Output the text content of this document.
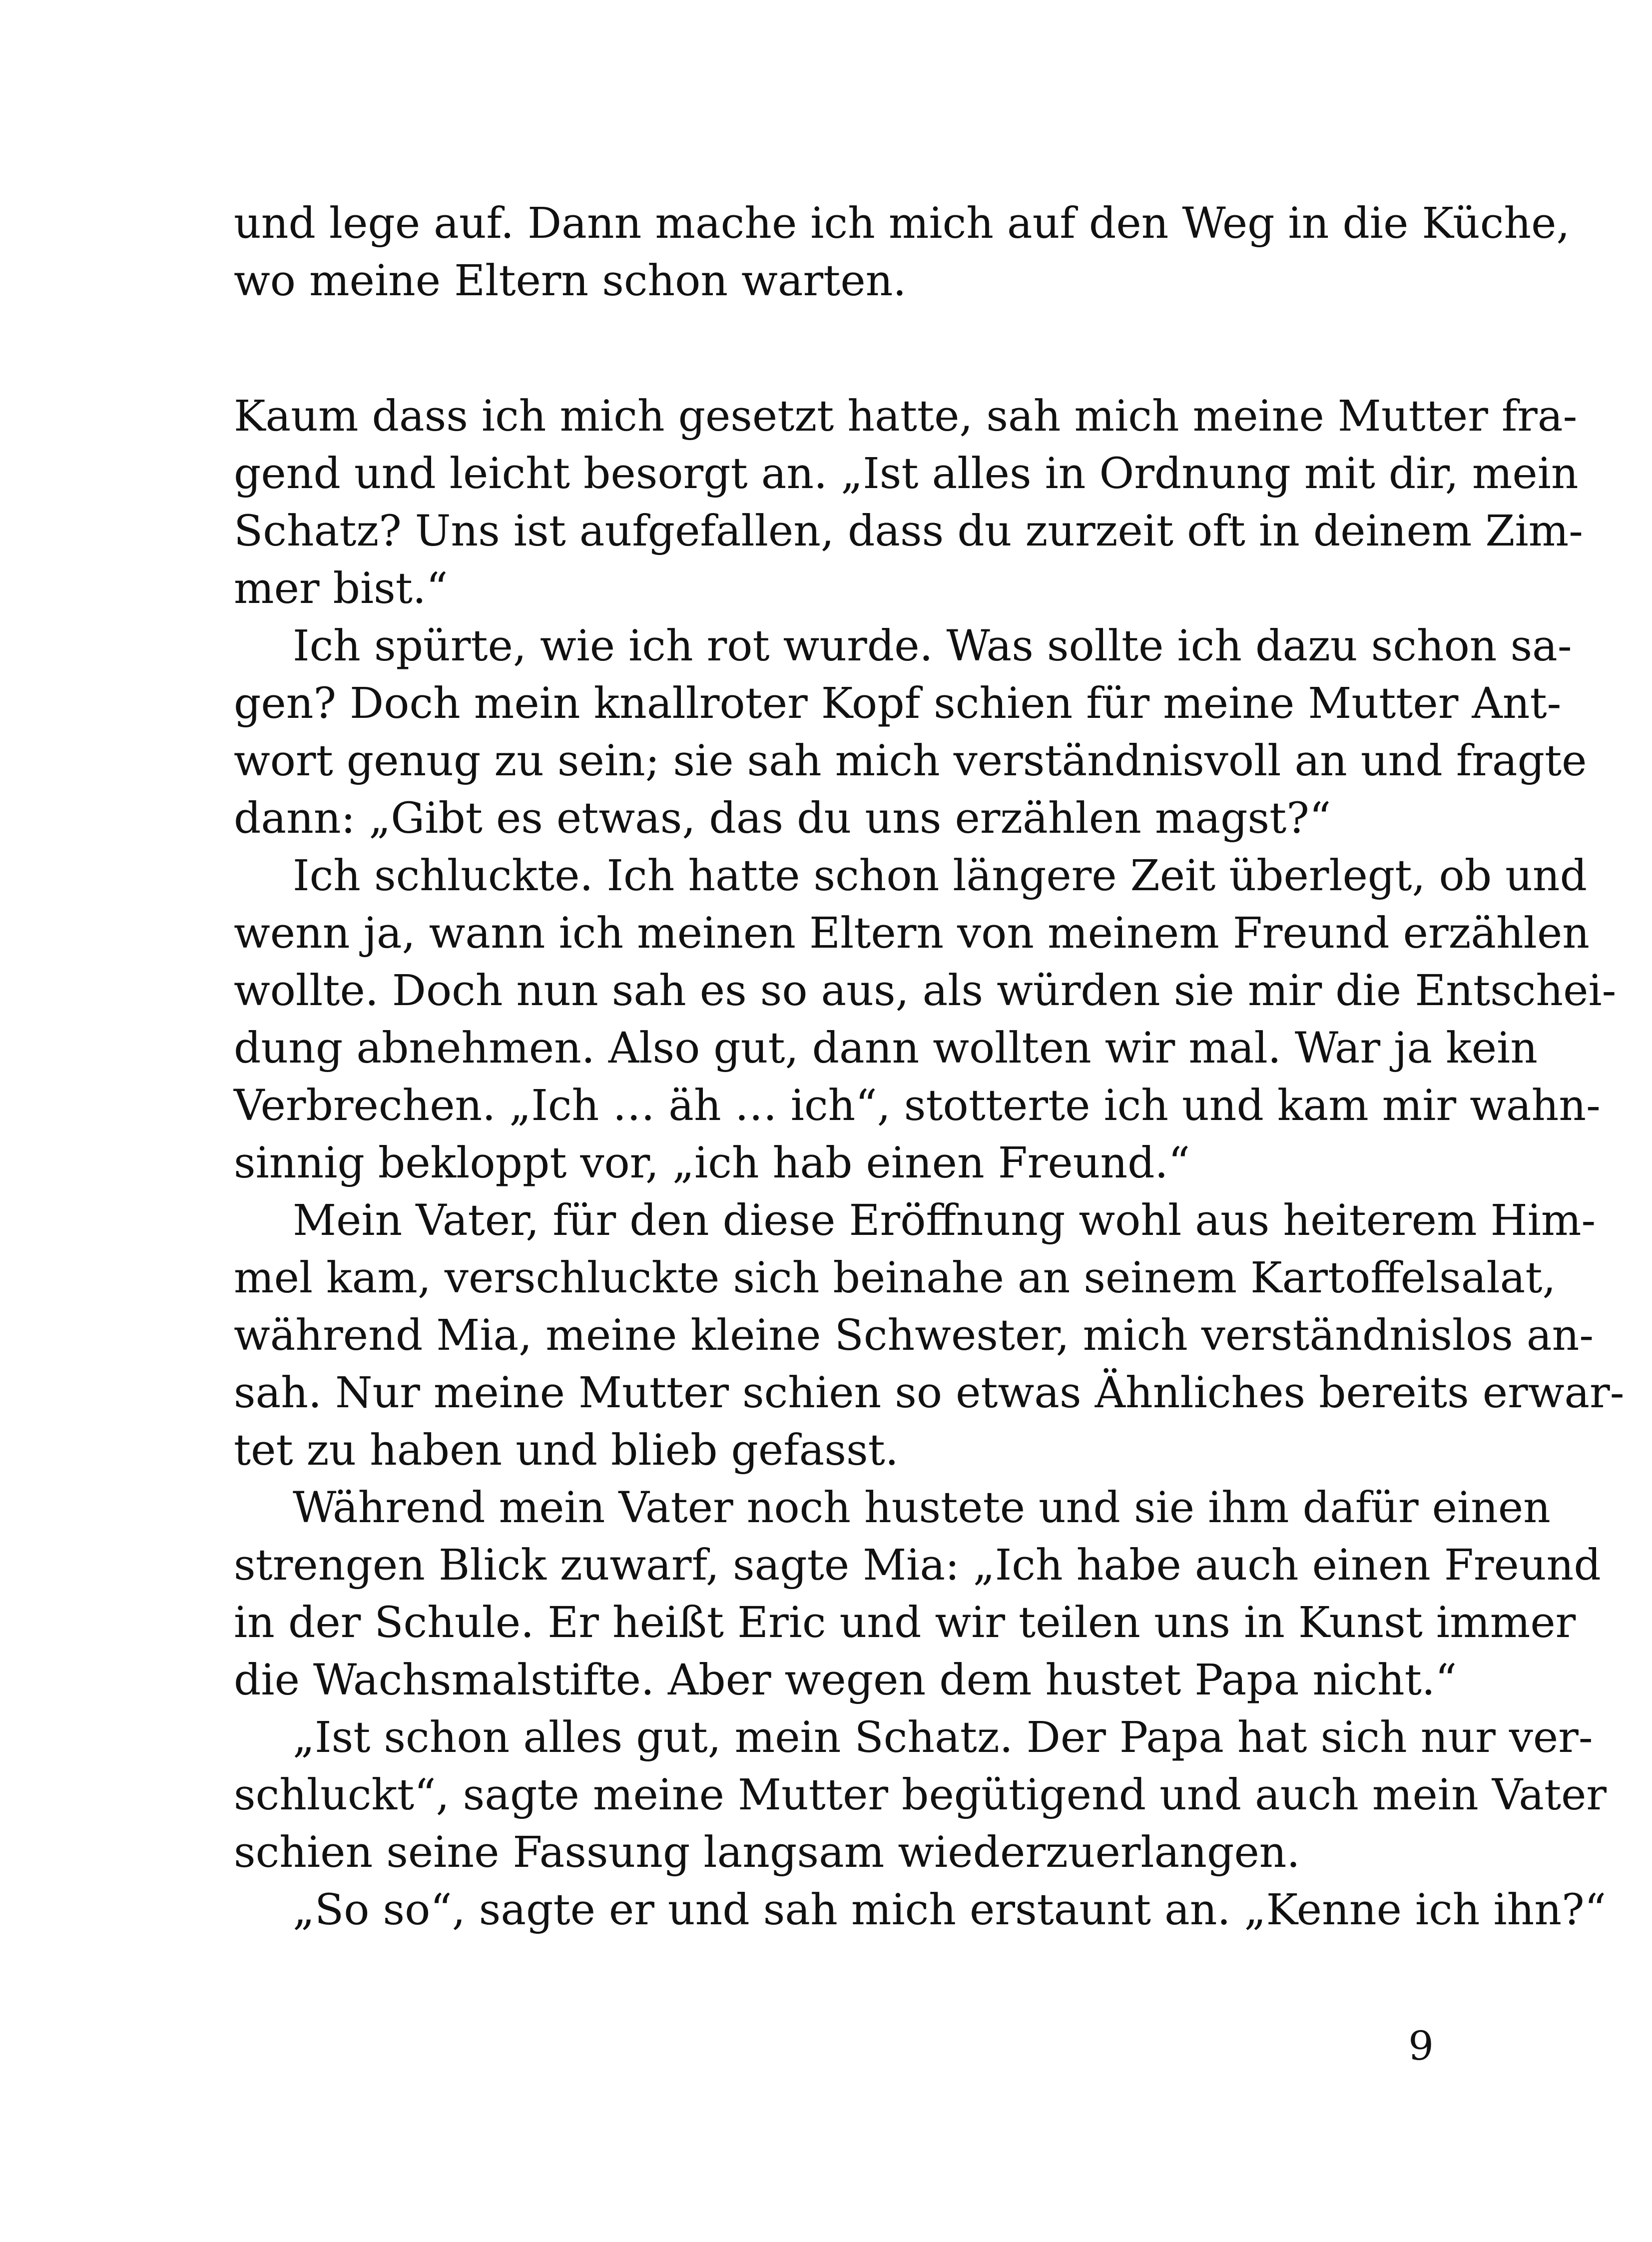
und lege auf. Dann mache ich mich auf den Weg in die Küche,
wo meine Eltern schon warten.
Kaum dass ich mich gesetzt hatte, sah mich meine Mutter fra-
gend und leicht besorgt an. „Ist alles in Ordnung mit dir, mein
Schatz? Uns ist aufgefallen, dass du zurzeit oft in deinem Zim-
mer bist.“
Ich spürte, wie ich rot wurde. Was sollte ich dazu schon sa-
gen? Doch mein knallroter Kopf schien für meine Mutter Ant-
wort genug zu sein; sie sah mich verständnisvoll an und fragte
dann: „Gibt es etwas, das du uns erzählen magst?“
Ich schluckte. Ich hatte schon längere Zeit überlegt, ob und
wenn ja, wann ich meinen Eltern von meinem Freund erzählen
wollte. Doch nun sah es so aus, als würden sie mir die Entschei-
dung abnehmen. Also gut, dann wollten wir mal. War ja kein
Verbrechen. „Ich … äh … ich“, stotterte ich und kam mir wahn-
sinnig bekloppt vor, „ich hab einen Freund.“
Mein Vater, für den diese Eröffnung wohl aus heiterem Him-
mel kam, verschluckte sich beinahe an seinem Kartoffelsalat,
während Mia, meine kleine Schwester, mich verständnislos an-
sah. Nur meine Mutter schien so etwas Ähnliches bereits erwar-
tet zu haben und blieb gefasst.
Während mein Vater noch hustete und sie ihm dafür einen
strengen Blick zuwarf, sagte Mia: „Ich habe auch einen Freund
in der Schule. Er heißt Eric und wir teilen uns in Kunst immer
die Wachsmalstifte. Aber wegen dem hustet Papa nicht.“
„Ist schon alles gut, mein Schatz. Der Papa hat sich nur ver-
schluckt“, sagte meine Mutter begütigend und auch mein Vater
schien seine Fassung langsam wiederzuerlangen.
„So so“, sagte er und sah mich erstaunt an. „Kenne ich ihn?“
9
